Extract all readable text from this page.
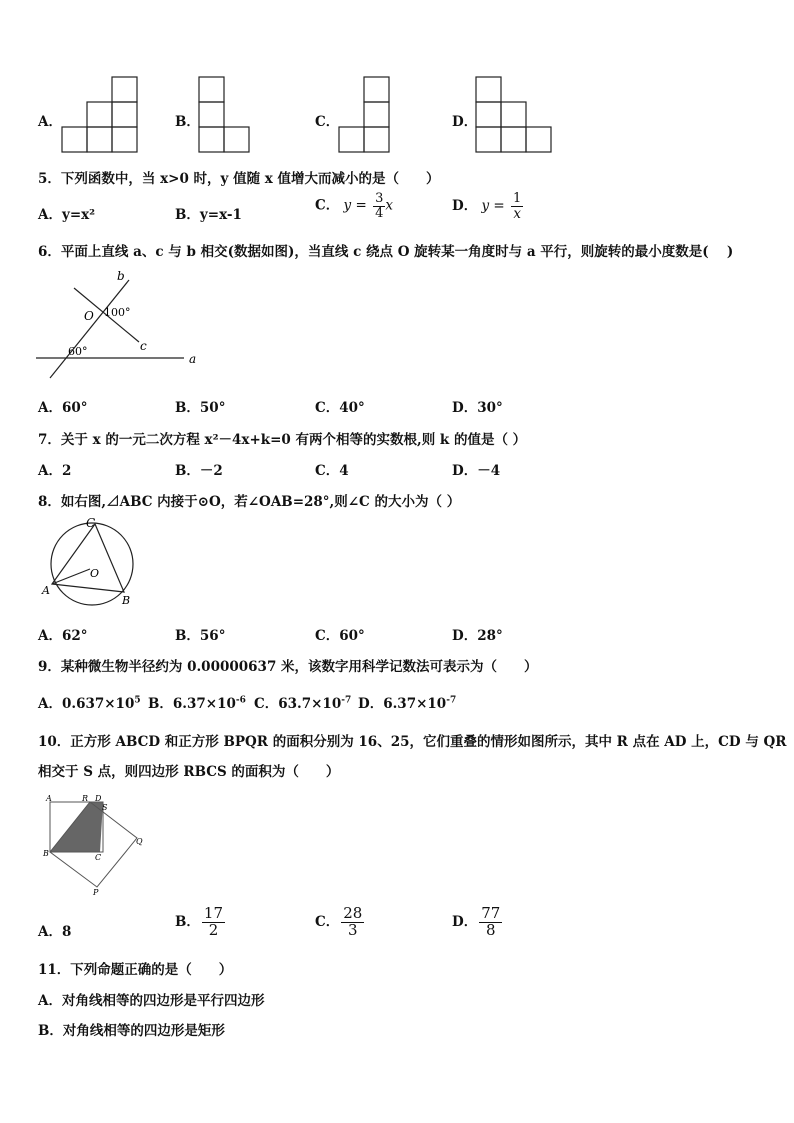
A．	B．	C．	D．
5．下列函数中，当 x>0 时，y 值随 x 值增大而减小的是（　　）
A．y=x²	B．y=x-1
C． $y = \frac{3}{4}$ x	D． $y = \frac{1}{x}$
6．平面上直线 a、c 与 b 相交(数据如图)，当直线 c 绕点 O 旋转某一角度时与 a 平行，则旋转的最小度数是(　 )
b
O 100°
c
60°
a
A．60°	B．50°	C．40°	D．30°
7．关于 x 的一元二次方程 x²－4x+k=0 有两个相等的实数根,则 k 的值是（ ）
A．2	B．－2	C．4	D．－4
8．如右图,⊿ABC 内接于⊙O，若∠OAB=28°,则∠C 的大小为（ ）
C
O
A
B
A．62°	B．56°	C．60°	D．28°
9．某种微生物半径约为 0.00000637 米，该数字用科学记数法可表示为（　　）
A．$0.637\times 10^5$ B．$6.37\times 10^{-6}$ C．$63.7\times 10^{-7}$ D．$6.37\times 10^{-7}$
10．正方形 ABCD 和正方形 BPQR 的面积分别为 16、25，它们重叠的情形如图所示，其中 R 点在 AD 上，CD 与 QR
相交于 S 点，则四边形 RBCS 的面积为（　　）
A	R D
S
B	C
Q
P
A．8
B． $\frac{17}{2}$	C． $\frac{28}{3}$	D． $\frac{77}{8}$
11．下列命题正确的是（　　）
A．对角线相等的四边形是平行四边形
B．对角线相等的四边形是矩形
